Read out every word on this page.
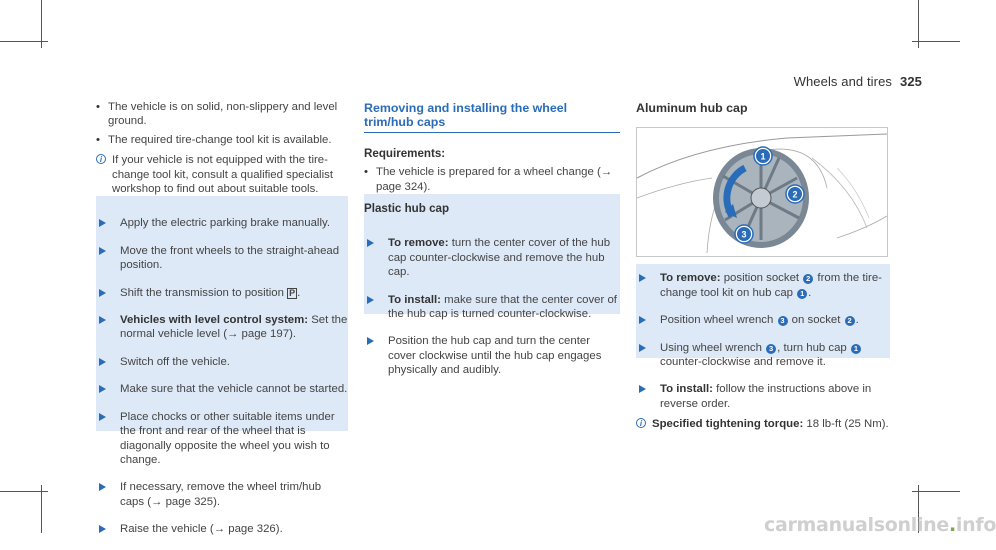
Wheels and tires 325
• The vehicle is on solid, non-slippery and level ground.
• The required tire-change tool kit is available.
i If your vehicle is not equipped with the tire-change tool kit, consult a qualified specialist workshop to find out about suitable tools.
Apply the electric parking brake manually.
Move the front wheels to the straight-ahead position.
Shift the transmission to position P .
Vehicles with level control system: Set the normal vehicle level (→ page 197).
Switch off the vehicle.
Make sure that the vehicle cannot be started.
Place chocks or other suitable items under the front and rear of the wheel that is diagonally opposite the wheel you wish to change.
If necessary, remove the wheel trim/hub caps (→ page 325).
Raise the vehicle (→ page 326).
Removing and installing the wheel trim/hub caps
Requirements:
• The vehicle is prepared for a wheel change (→ page 324).
Plastic hub cap
To remove: turn the center cover of the hub cap counter-clockwise and remove the hub cap.
To install: make sure that the center cover of the hub cap is turned counter-clockwise.
Position the hub cap and turn the center cover clockwise until the hub cap engages physically and audibly.
Aluminum hub cap
1
2
3
To remove: position socket 2 from the tire-change tool kit on hub cap 1 .
Position wheel wrench 3 on socket 2 .
Using wheel wrench 3 , turn hub cap 1 counter-clockwise and remove it.
To install: follow the instructions above in reverse order.
i Specified tightening torque: 18 lb-ft (25 Nm).
carmanualsonline.info
